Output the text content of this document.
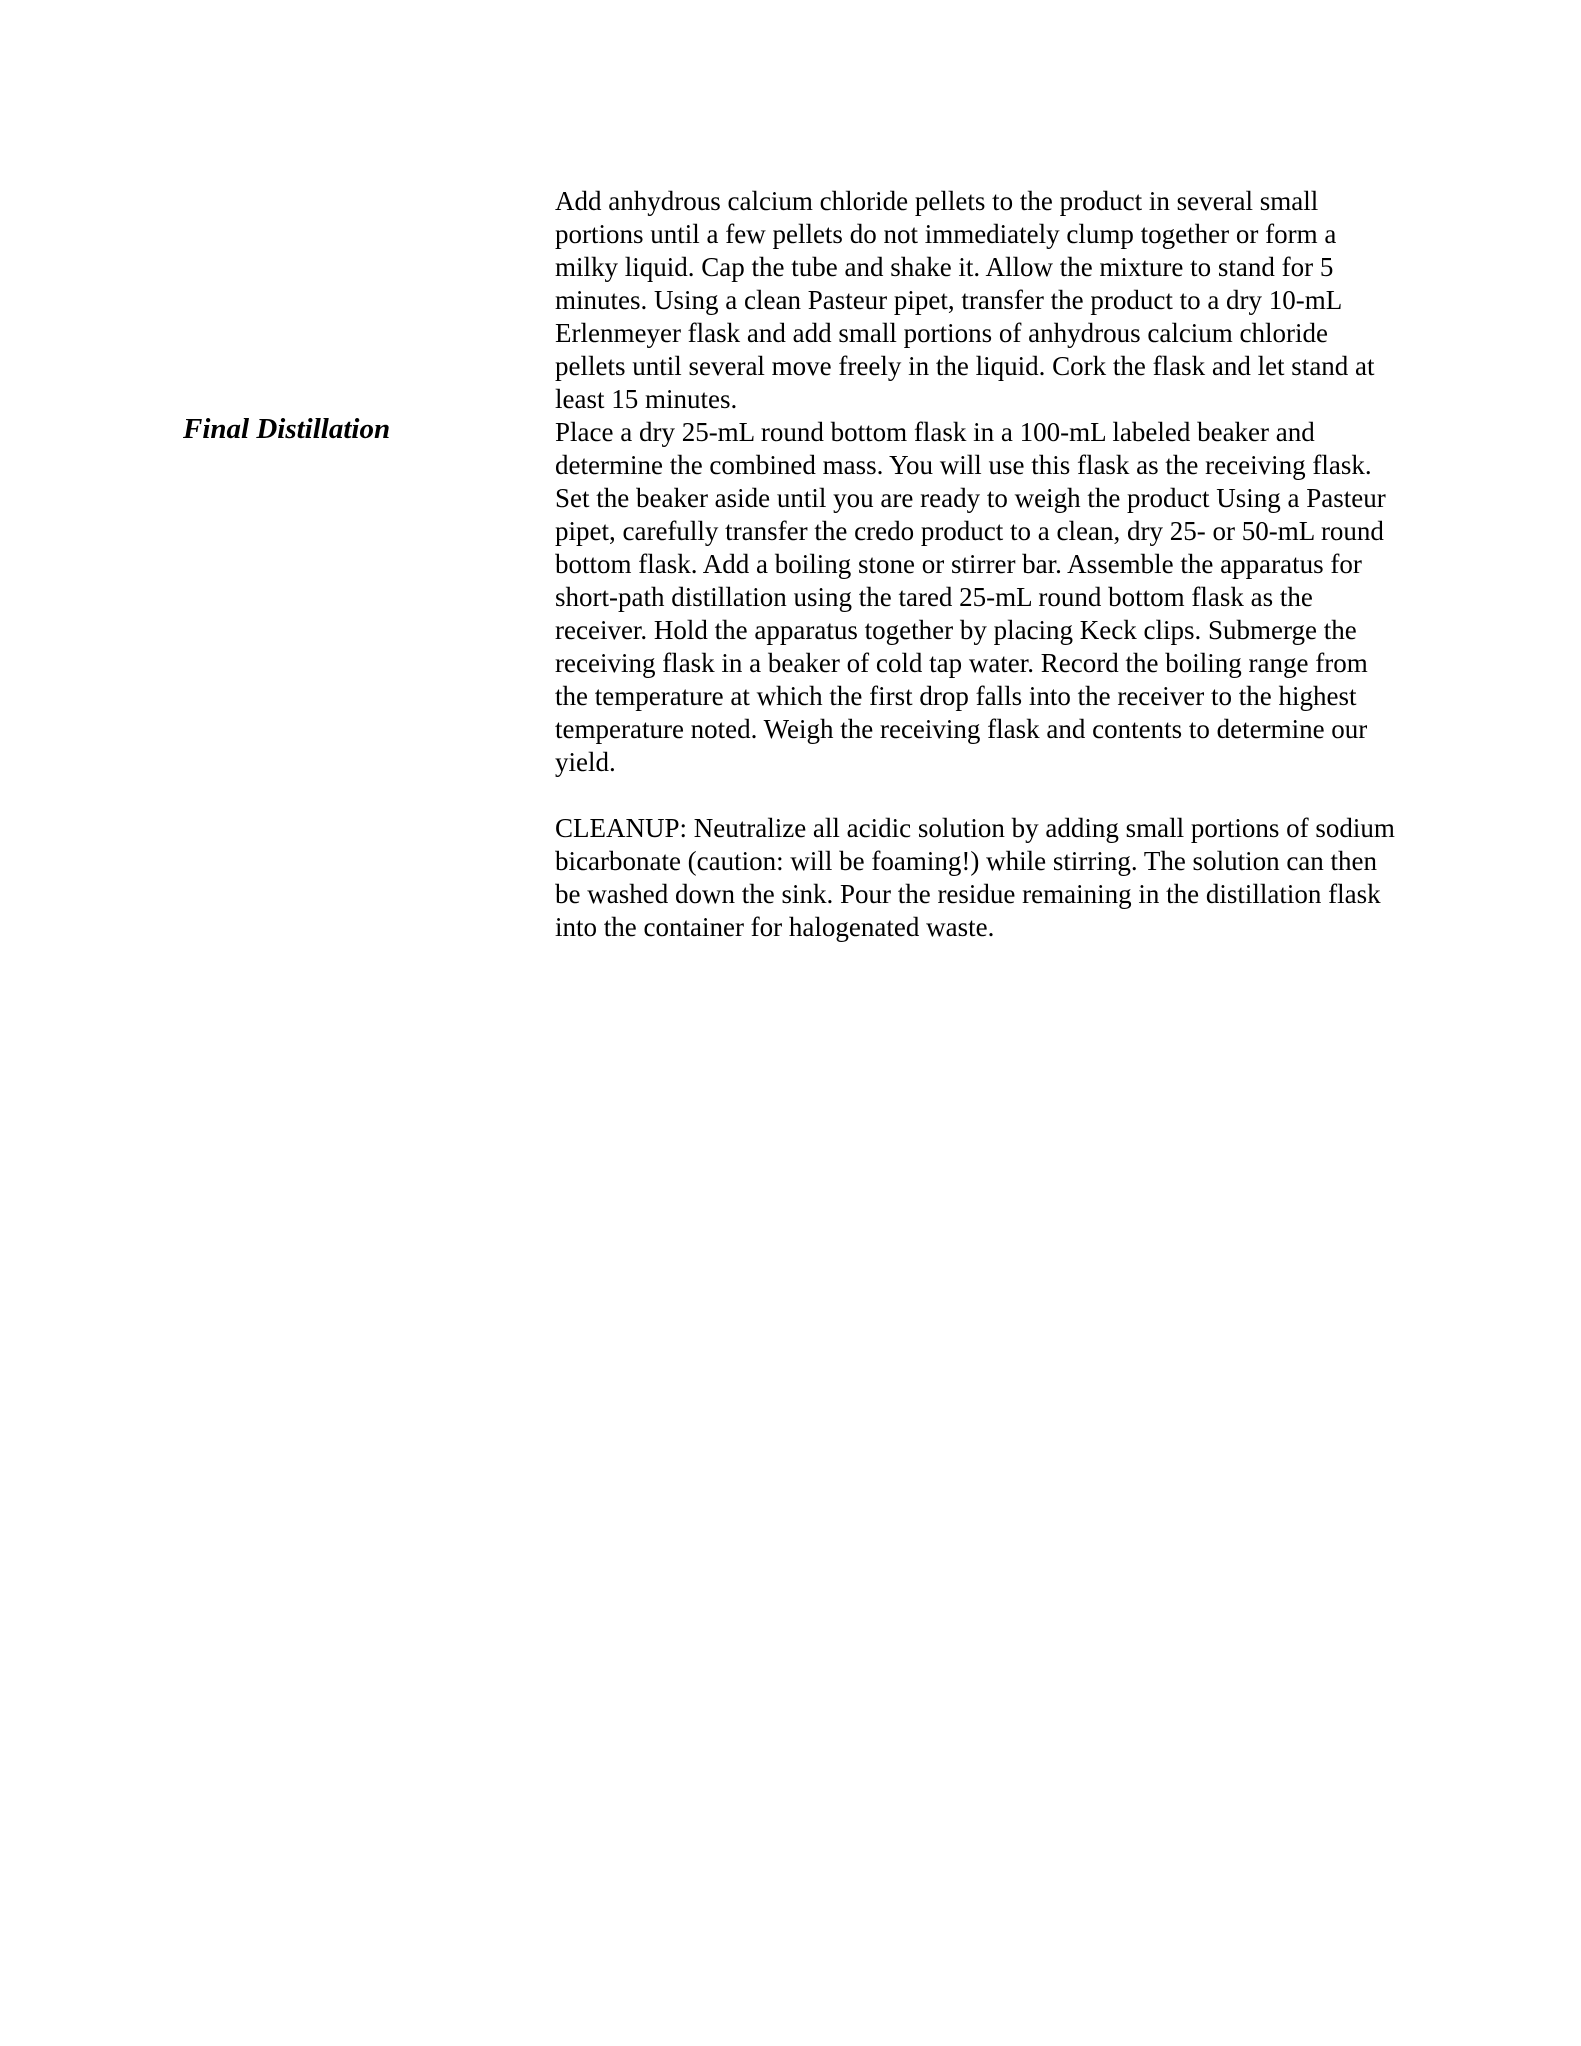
Final Distillation

Add anhydrous calcium chloride pellets to the product in several small portions until a few pellets do not immediately clump together or form a milky liquid. Cap the tube and shake it. Allow the mixture to stand for 5 minutes. Using a clean Pasteur pipet, transfer the product to a dry 10-mL Erlenmeyer flask and add small portions of anhydrous calcium chloride pellets until several move freely in the liquid. Cork the flask and let stand at least 15 minutes.

Place a dry 25-mL round bottom flask in a 100-mL labeled beaker and determine the combined mass. You will use this flask as the receiving flask. Set the beaker aside until you are ready to weigh the product Using a Pasteur pipet, carefully transfer the credo product to a clean, dry 25- or 50-mL round bottom flask. Add a boiling stone or stirrer bar. Assemble the apparatus for short-path distillation using the tared 25-mL round bottom flask as the receiver. Hold the apparatus together by placing Keck clips. Submerge the receiving flask in a beaker of cold tap water. Record the boiling range from the temperature at which the first drop falls into the receiver to the highest temperature noted. Weigh the receiving flask and contents to determine our yield.

CLEANUP: Neutralize all acidic solution by adding small portions of sodium bicarbonate (caution: will be foaming!) while stirring. The solution can then be washed down the sink. Pour the residue remaining in the distillation flask into the container for halogenated waste.
